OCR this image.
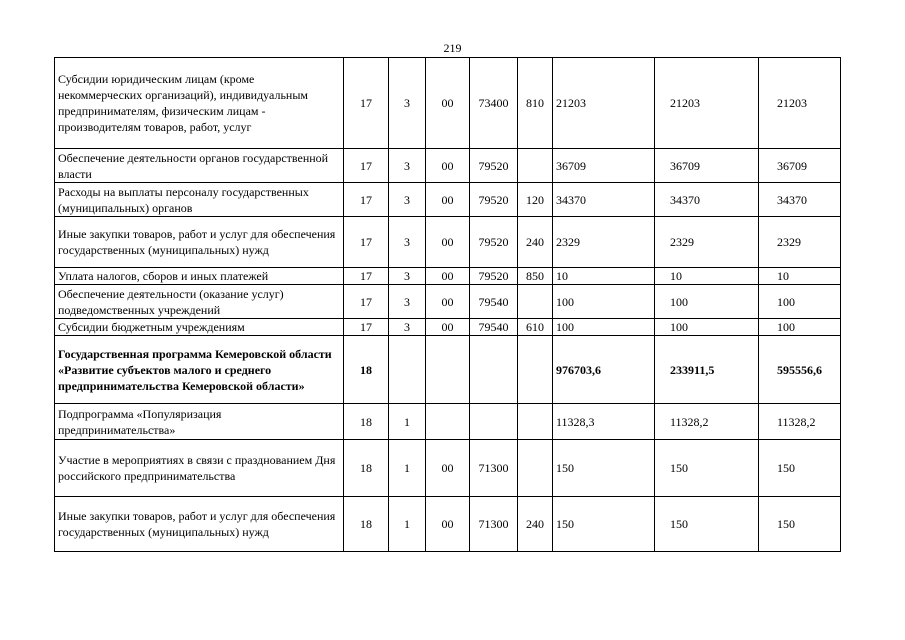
219
Субсидии юридическим лицам (кроме некоммерческих организаций), индивидуальным предпринимателям, физическим лицам - производителям товаров, работ, услуг	17	3	00	73400	810	21203	21203	21203
Обеспечение деятельности органов государственной власти	17	3	00	79520		36709	36709	36709
Расходы на выплаты персоналу государственных (муниципальных) органов	17	3	00	79520	120	34370	34370	34370
Иные закупки товаров, работ и услуг для обеспечения государственных (муниципальных) нужд	17	3	00	79520	240	2329	2329	2329
Уплата налогов, сборов и иных платежей	17	3	00	79520	850	10	10	10
Обеспечение деятельности (оказание услуг) подведомственных учреждений	17	3	00	79540		100	100	100
Субсидии бюджетным учреждениям	17	3	00	79540	610	100	100	100
Государственная программа Кемеровской области «Развитие субъектов малого и среднего предпринимательства Кемеровской области»	18					976703,6	233911,5	595556,6
Подпрограмма «Популяризация предпринимательства»	18	1				11328,3	11328,2	11328,2
Участие в мероприятиях в связи с празднованием Дня российского предпринимательства	18	1	00	71300		150	150	150
Иные закупки товаров, работ и услуг для обеспечения государственных (муниципальных) нужд	18	1	00	71300	240	150	150	150
